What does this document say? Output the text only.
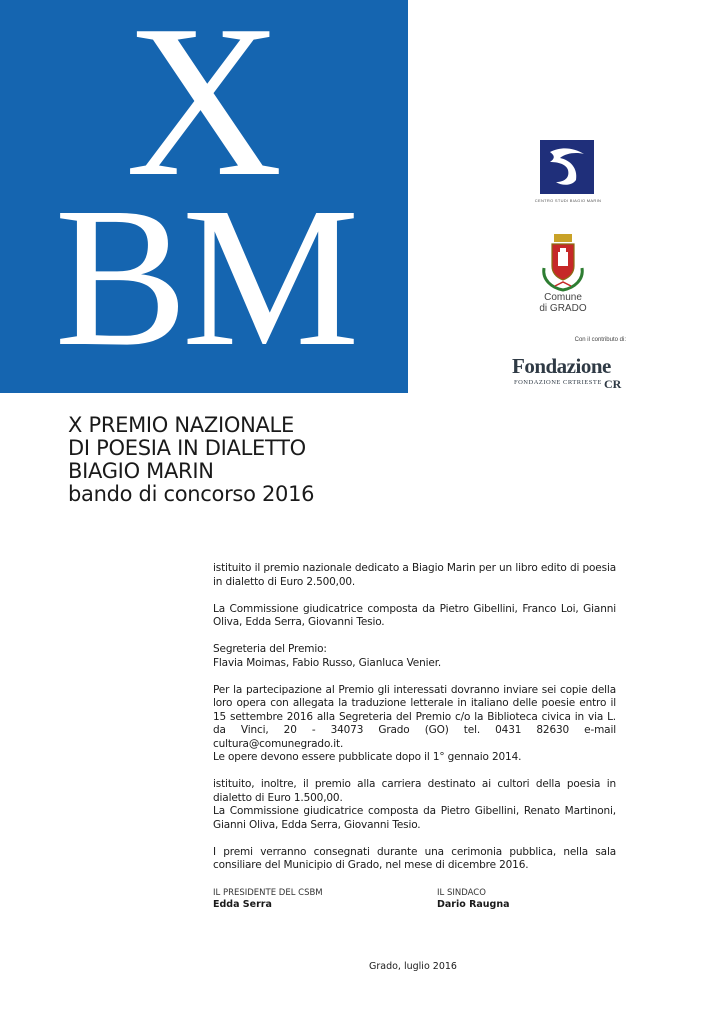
X
BM	CENTRO STUDI BIAGIO MARIN
Comune
di GRADO
Con il contributo di:
Fondazione
FONDAZIONE CRTRIESTE CR
X PREMIO NAZIONALE
DI POESIA IN DIALETTO
BIAGIO MARIN
bando di concorso 2016

istituito il premio nazionale dedicato a Biagio Marin per un libro edito di poesia in dialetto di Euro 2.500,00.

La Commissione giudicatrice composta da Pietro Gibellini, Franco Loi, Gianni Oliva, Edda Serra, Giovanni Tesio.

Segreteria del Premio:

Flavia Moimas, Fabio Russo, Gianluca Venier.

Per la partecipazione al Premio gli interessati dovranno inviare sei copie della loro opera con allegata la traduzione letterale in italiano delle poesie entro il 15 settembre 2016 alla Segreteria del Premio c/o la Biblioteca civica in via L. da Vinci, 20 - 34073 Grado (GO) tel. 0431 82630 e-mail cultura@comunegrado.it.

Le opere devono essere pubblicate dopo il 1° gennaio 2014.

istituito, inoltre, il premio alla carriera destinato ai cultori della poesia in dialetto di Euro 1.500,00.

La Commissione giudicatrice composta da Pietro Gibellini, Renato Martinoni, Gianni Oliva, Edda Serra, Giovanni Tesio.

I premi verranno consegnati durante una cerimonia pubblica, nella sala consiliare del Municipio di Grado, nel mese di dicembre 2016.

IL PRESIDENTE DEL CSBM
Edda Serra
IL SINDACO
Dario Raugna
Grado, luglio 2016
